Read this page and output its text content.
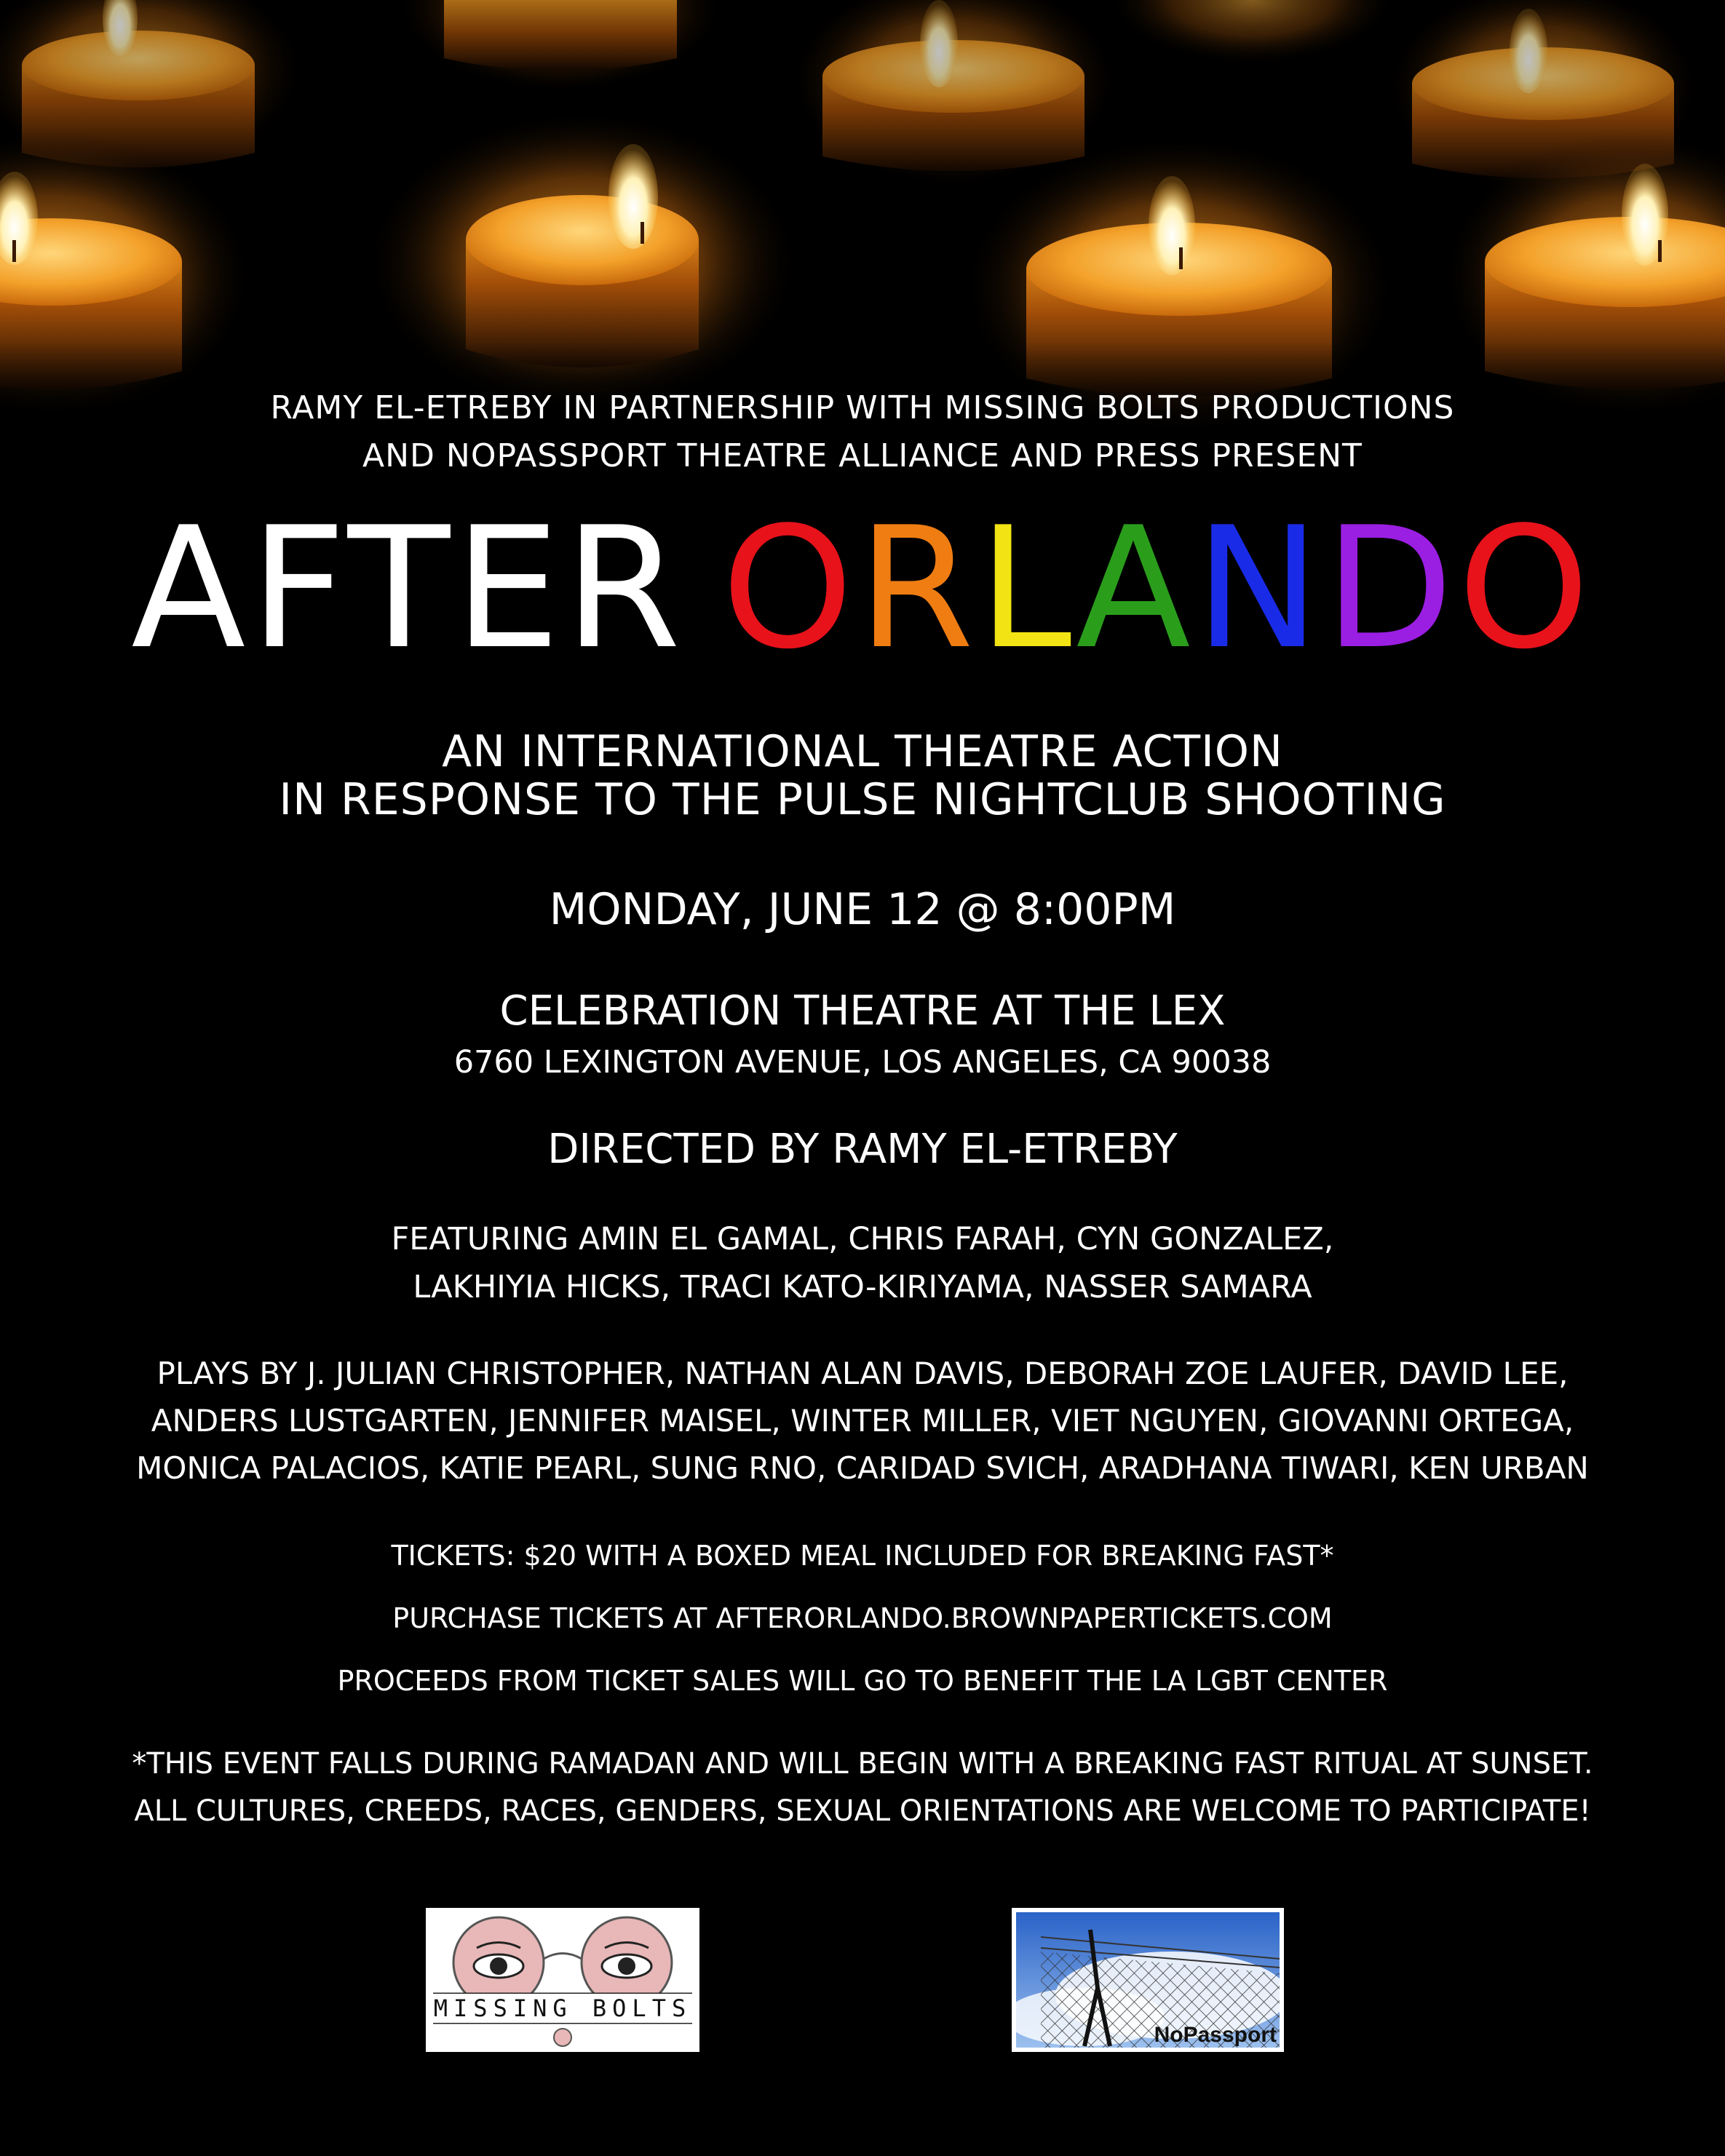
RAMY EL-ETREBY IN PARTNERSHIP WITH MISSING BOLTS PRODUCTIONS
AND NOPASSPORT THEATRE ALLIANCE AND PRESS PRESENT
AFTER ORLANDO
AN INTERNATIONAL THEATRE ACTION
IN RESPONSE TO THE PULSE NIGHTCLUB SHOOTING
MONDAY, JUNE 12 @ 8:00PM
CELEBRATION THEATRE AT THE LEX
6760 LEXINGTON AVENUE, LOS ANGELES, CA 90038
DIRECTED BY RAMY EL-ETREBY
FEATURING AMIN EL GAMAL, CHRIS FARAH, CYN GONZALEZ,
LAKHIYIA HICKS, TRACI KATO-KIRIYAMA, NASSER SAMARA
PLAYS BY J. JULIAN CHRISTOPHER, NATHAN ALAN DAVIS, DEBORAH ZOE LAUFER, DAVID LEE,
ANDERS LUSTGARTEN, JENNIFER MAISEL, WINTER MILLER, VIET NGUYEN, GIOVANNI ORTEGA,
MONICA PALACIOS, KATIE PEARL, SUNG RNO, CARIDAD SVICH, ARADHANA TIWARI, KEN URBAN
TICKETS: $20 WITH A BOXED MEAL INCLUDED FOR BREAKING FAST*
PURCHASE TICKETS AT AFTERORLANDO.BROWNPAPERTICKETS.COM
PROCEEDS FROM TICKET SALES WILL GO TO BENEFIT THE LA LGBT CENTER
*THIS EVENT FALLS DURING RAMADAN AND WILL BEGIN WITH A BREAKING FAST RITUAL AT SUNSET.
ALL CULTURES, CREEDS, RACES, GENDERS, SEXUAL ORIENTATIONS ARE WELCOME TO PARTICIPATE!
MISSING BOLTS
NoPassport
